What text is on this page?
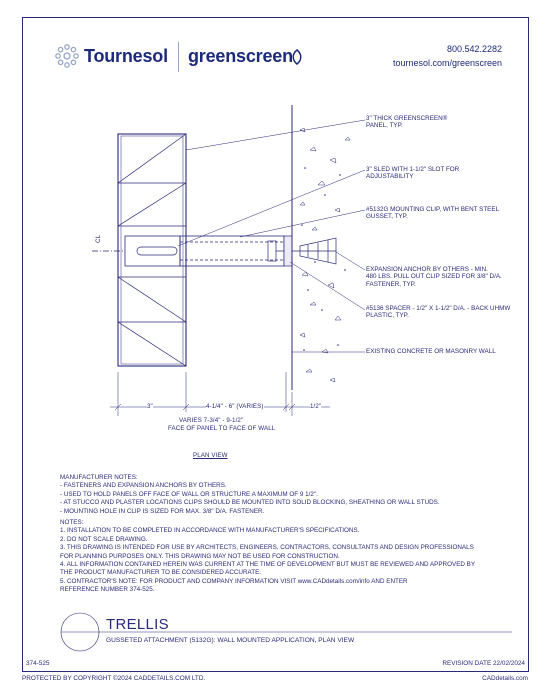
Tournesol greenscreen	800.542.2282
tournesol.com/greenscreen
CL
3" THICK GREENSCREEN®
PANEL, TYP.
3" SLED WITH 1-1/2" SLOT FOR
ADJUSTABILITY
#5132G MOUNTING CLIP, WITH BENT STEEL
GUSSET, TYP.
EXPANSION ANCHOR BY OTHERS - MIN.
480 LBS. PULL OUT CLIP SIZED FOR 3/8" D/A.
FASTENER, TYP.
#5136 SPACER - 1/2" X 1-1/2" D/A. - BACK UHMW
PLASTIC, TYP.
EXISTING CONCRETE OR MASONRY WALL
3"	4-1/4" - 6" (VARIES)	1/2"
VARIES 7-3/4" - 9-1/2"
FACE OF PANEL TO FACE OF WALL
PLAN VIEW
MANUFACTURER NOTES:
- FASTENERS AND EXPANSION ANCHORS BY OTHERS.
- USED TO HOLD PANELS OFF FACE OF WALL OR STRUCTURE A MAXIMUM OF 9 1/2".
- AT STUCCO AND PLASTER LOCATIONS CLIPS SHOULD BE MOUNTED INTO SOLID BLOCKING, SHEATHING OR WALL STUDS.
- MOUNTING HOLE IN CLIP IS SIZED FOR MAX. 3/8" D/A. FASTENER.
NOTES:
1. INSTALLATION TO BE COMPLETED IN ACCORDANCE WITH MANUFACTURER'S SPECIFICATIONS.
2. DO NOT SCALE DRAWING.
3. THIS DRAWING IS INTENDED FOR USE BY ARCHITECTS, ENGINEERS, CONTRACTORS, CONSULTANTS AND DESIGN PROFESSIONALS
FOR PLANNING PURPOSES ONLY. THIS DRAWING MAY NOT BE USED FOR CONSTRUCTION.
4. ALL INFORMATION CONTAINED HEREIN WAS CURRENT AT THE TIME OF DEVELOPMENT BUT MUST BE REVIEWED AND APPROVED BY
THE PRODUCT MANUFACTURER TO BE CONSIDERED ACCURATE.
5. CONTRACTOR'S NOTE: FOR PRODUCT AND COMPANY INFORMATION VISIT www.CADdetails.com/info AND ENTER
REFERENCE NUMBER 374-525.
TRELLIS
GUSSETED ATTACHMENT (5132G): WALL MOUNTED APPLICATION, PLAN VIEW
374-525	REVISION DATE 22/02/2024
PROTECTED BY COPYRIGHT ©2024 CADDETAILS.COM LTD.	CADdetails.com
